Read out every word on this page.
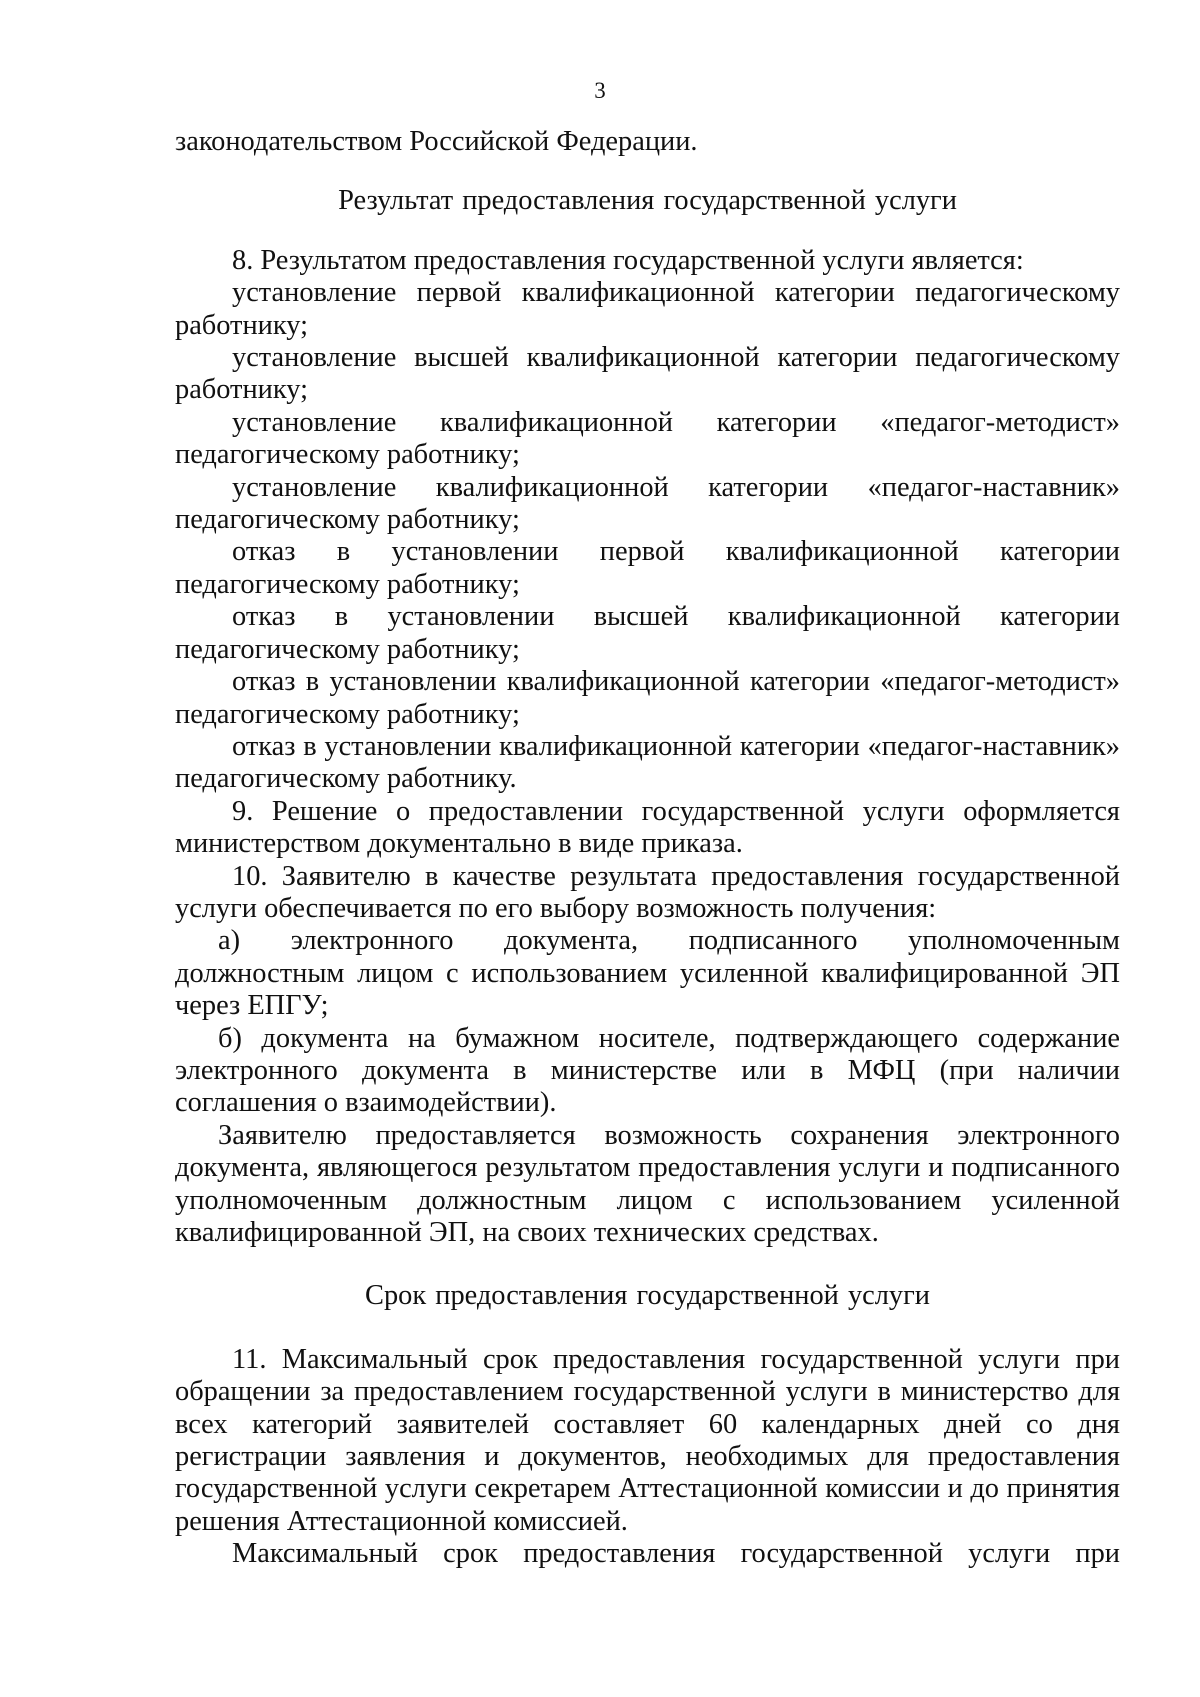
3

законодательством Российской Федерации.

Результат предоставления государственной услуги

8. Результатом предоставления государственной услуги является:

установление первой квалификационной категории педагогическому работнику;

установление высшей квалификационной категории педагогическому работнику;

установление квалификационной категории «педагог-методист» педагогическому работнику;

установление квалификационной категории «педагог-наставник» педагогическому работнику;

отказ в установлении первой квалификационной категории педагогическому работнику;

отказ в установлении высшей квалификационной категории педагогическому работнику;

отказ в установлении квалификационной категории «педагог-методист» педагогическому работнику;

отказ в установлении квалификационной категории «педагог-наставник» педагогическому работнику.

9. Решение о предоставлении государственной услуги оформляется министерством документально в виде приказа.

10. Заявителю в качестве результата предоставления государственной услуги обеспечивается по его выбору возможность получения:

а) электронного документа, подписанного уполномоченным должностным лицом с использованием усиленной квалифицированной ЭП через ЕПГУ;

б) документа на бумажном носителе, подтверждающего содержание электронного документа в министерстве или в МФЦ (при наличии соглашения о взаимодействии).

Заявителю предоставляется возможность сохранения электронного документа, являющегося результатом предоставления услуги и подписанного уполномоченным должностным лицом с использованием усиленной квалифицированной ЭП, на своих технических средствах.

Срок предоставления государственной услуги

11. Максимальный срок предоставления государственной услуги при обращении за предоставлением государственной услуги в министерство для всех категорий заявителей составляет 60 календарных дней со дня регистрации заявления и документов, необходимых для предоставления государственной услуги секретарем Аттестационной комиссии и до принятия решения Аттестационной комиссией.

Максимальный срок предоставления государственной услуги при
